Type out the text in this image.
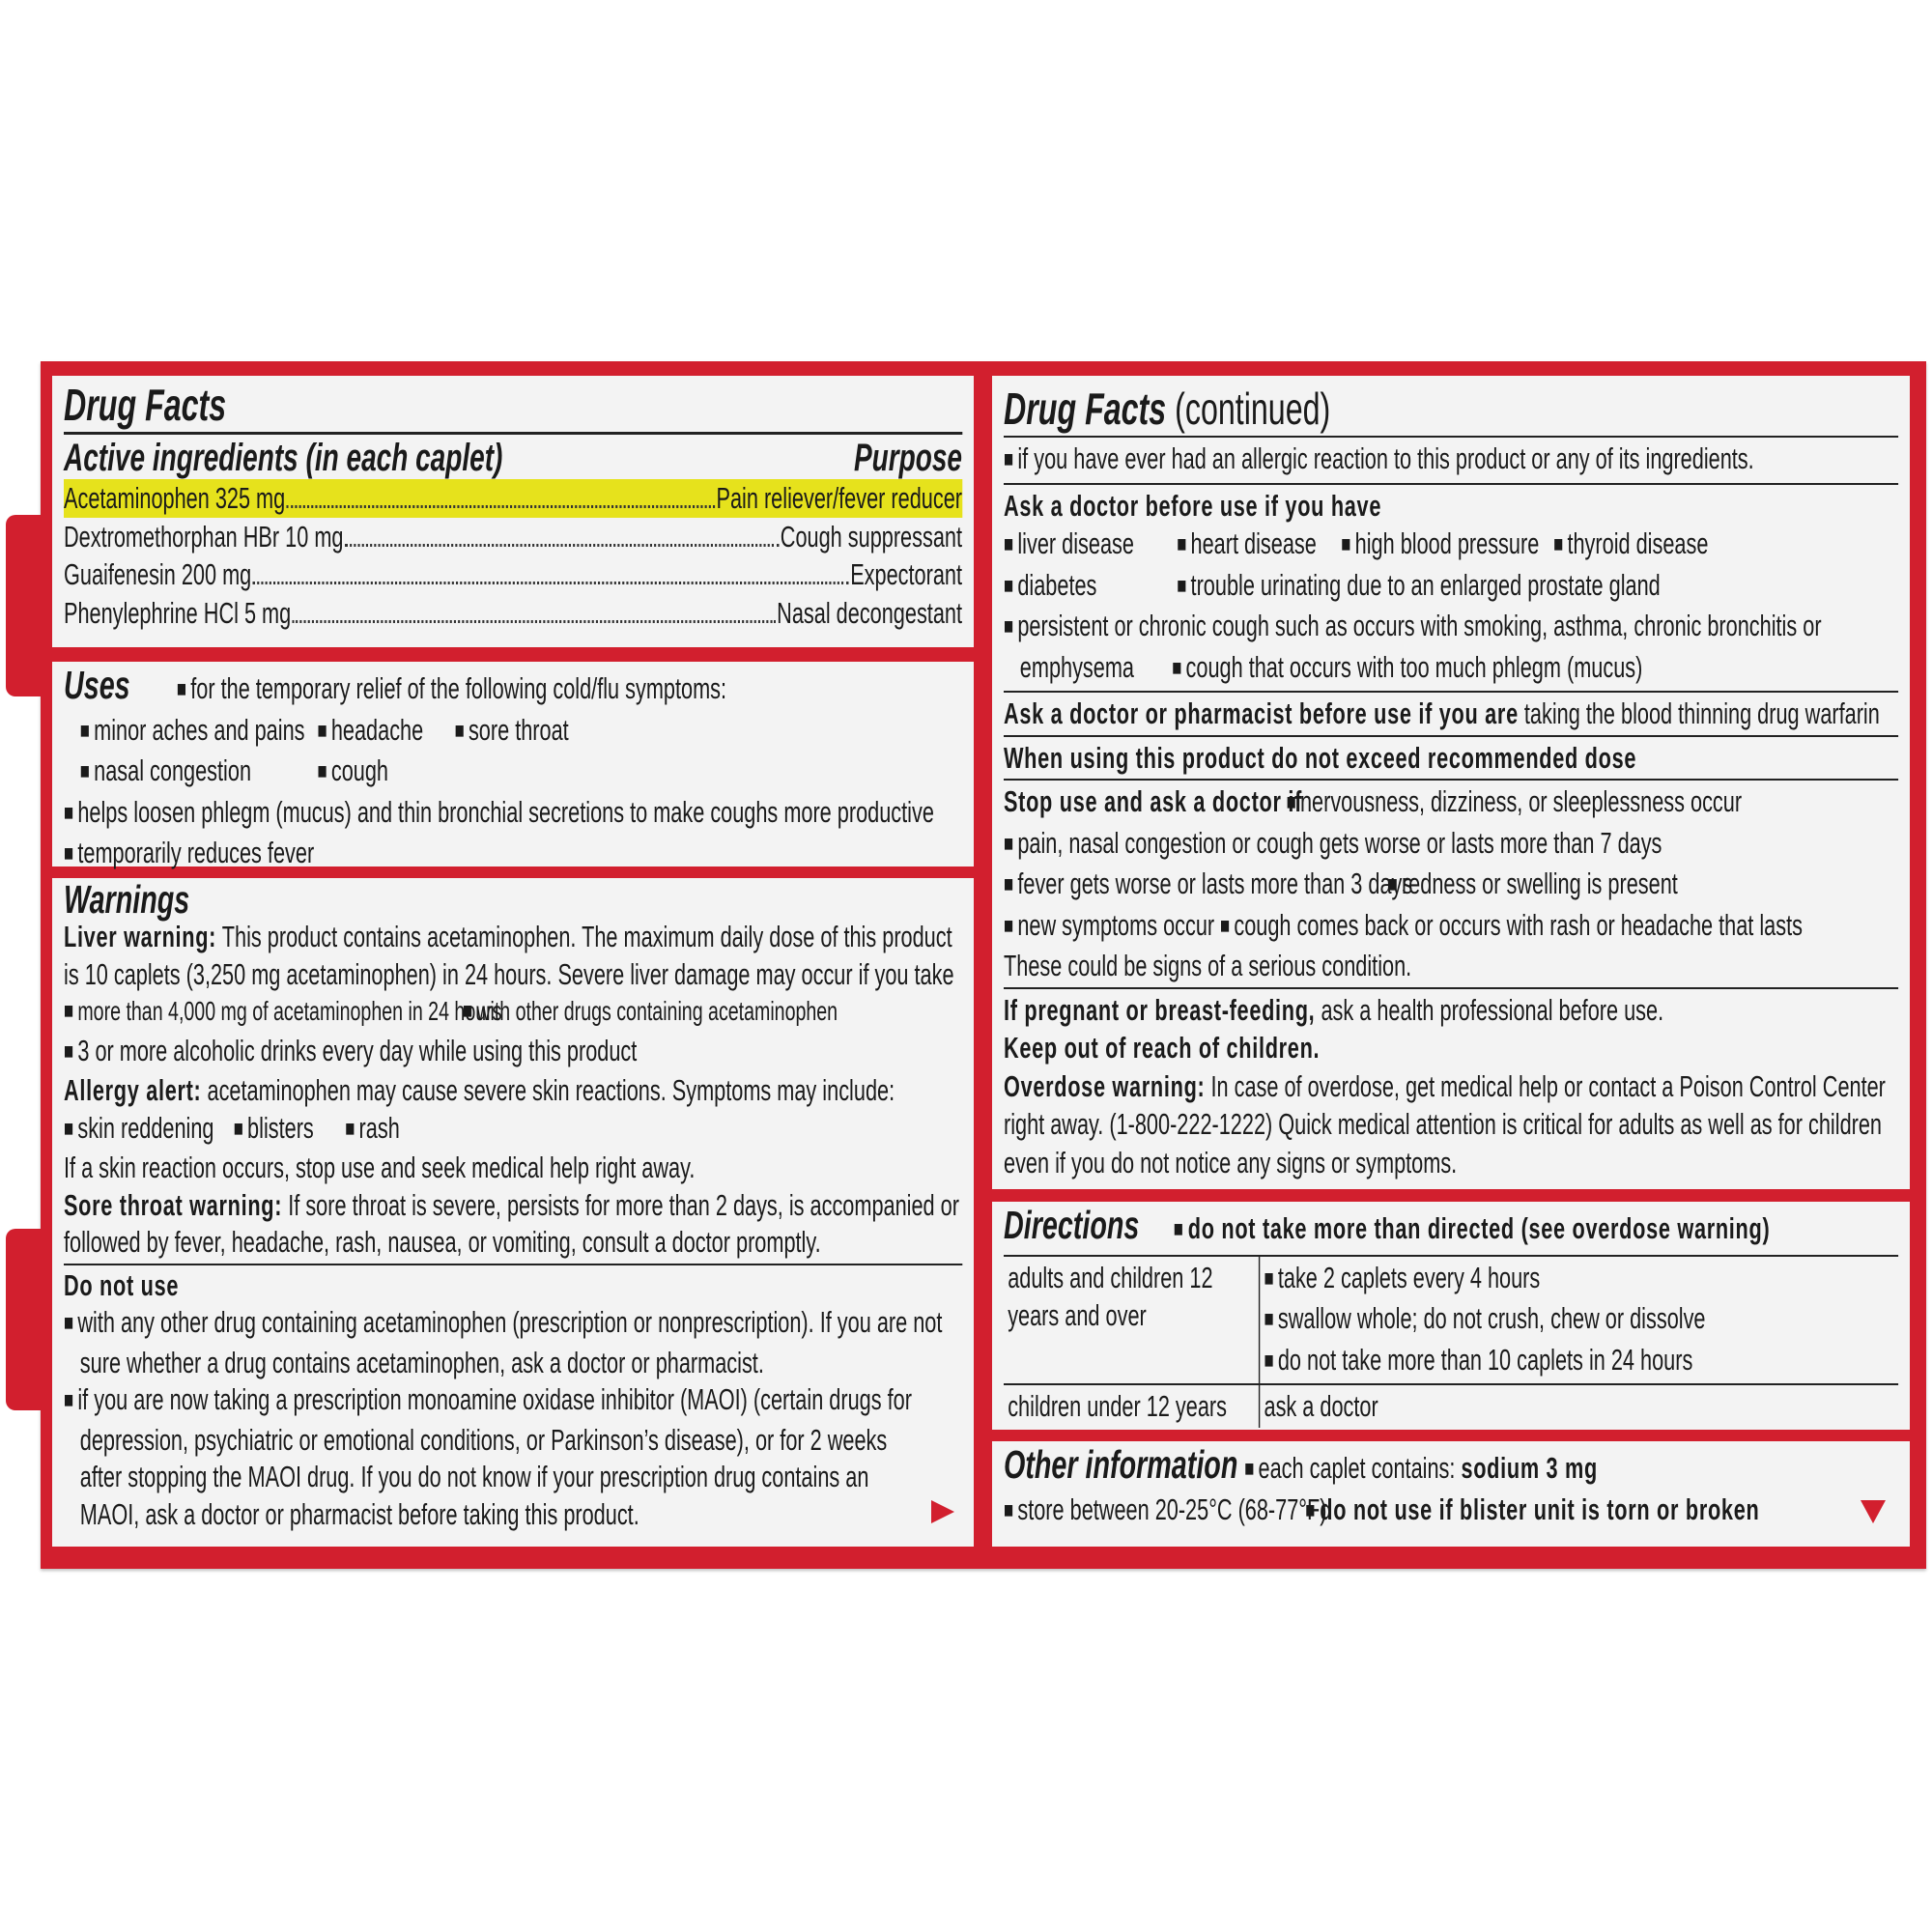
Drug Facts
Active ingredients (in each caplet)	Purpose
Acetaminophen 325 mg	Pain reliever/fever reducer
Dextromethorphan HBr 10 mg	Cough suppressant
Guaifenesin 200 mg	Expectorant
Phenylephrine HCl 5 mg	Nasal decongestant
Uses ■ for the temporary relief of the following cold/flu symptoms:
■ minor aches and pains ■ headache ■ sore throat
■ nasal congestion	■ cough
■ helps loosen phlegm (mucus) and thin bronchial secretions to make coughs more productive
■ temporarily reduces fever
Warnings
Liver warning: This product contains acetaminophen. The maximum daily dose of this product is 10 caplets (3,250 mg acetaminophen) in 24 hours. Severe liver damage may occur if you take
■ more than 4,000 mg of acetaminophen in 24 hours■ with other drugs containing acetaminophen
■ 3 or more alcoholic drinks every day while using this product
Allergy alert: acetaminophen may cause severe skin reactions. Symptoms may include:
■ skin reddening ■ blisters ■ rash
If a skin reaction occurs, stop use and seek medical help right away.
Sore throat warning: If sore throat is severe, persists for more than 2 days, is accompanied or followed by fever, headache, rash, nausea, or vomiting, consult a doctor promptly.
Do not use
■ with any other drug containing acetaminophen (prescription or nonprescription). If you are not sure whether a drug contains acetaminophen, ask a doctor or pharmacist.
■ if you are now taking a prescription monoamine oxidase inhibitor (MAOI) (certain drugs for depression, psychiatric or emotional conditions, or Parkinson’s disease), or for 2 weeks after stopping the MAOI drug. If you do not know if your prescription drug contains an MAOI, ask a doctor or pharmacist before taking this product.
Drug Facts (continued)
■ if you have ever had an allergic reaction to this product or any of its ingredients.
Ask a doctor before use if you have
■ liver disease ■ heart disease ■ high blood pressure ■ thyroid disease
■ diabetes	■ trouble urinating due to an enlarged prostate gland
■ persistent or chronic cough such as occurs with smoking, asthma, chronic bronchitis or emphysema ■ cough that occurs with too much phlegm (mucus)
Ask a doctor or pharmacist before use if you are taking the blood thinning drug warfarin
When using this product do not exceed recommended dose
Stop use and ask a doctor if■ nervousness, dizziness, or sleeplessness occur
■ pain, nasal congestion or cough gets worse or lasts more than 7 days
■ fever gets worse or lasts more than 3 days■ redness or swelling is present
■ new symptoms occur ■ cough comes back or occurs with rash or headache that lasts
These could be signs of a serious condition.
If pregnant or breast-feeding, ask a health professional before use.
Keep out of reach of children.
Overdose warning: In case of overdose, get medical help or contact a Poison Control Center right away. (1-800-222-1222) Quick medical attention is critical for adults as well as for children even if you do not notice any signs or symptoms.
Directions ■ do not take more than directed (see overdose warning)
adults and children 12 years and over
■ take 2 caplets every 4 hours
■ swallow whole; do not crush, chew or dissolve
■ do not take more than 10 caplets in 24 hours
children under 12 years	ask a doctor
Other information ■ each caplet contains: sodium 3 mg
■ store between 20-25°C (68-77°F)■ do not use if blister unit is torn or broken
